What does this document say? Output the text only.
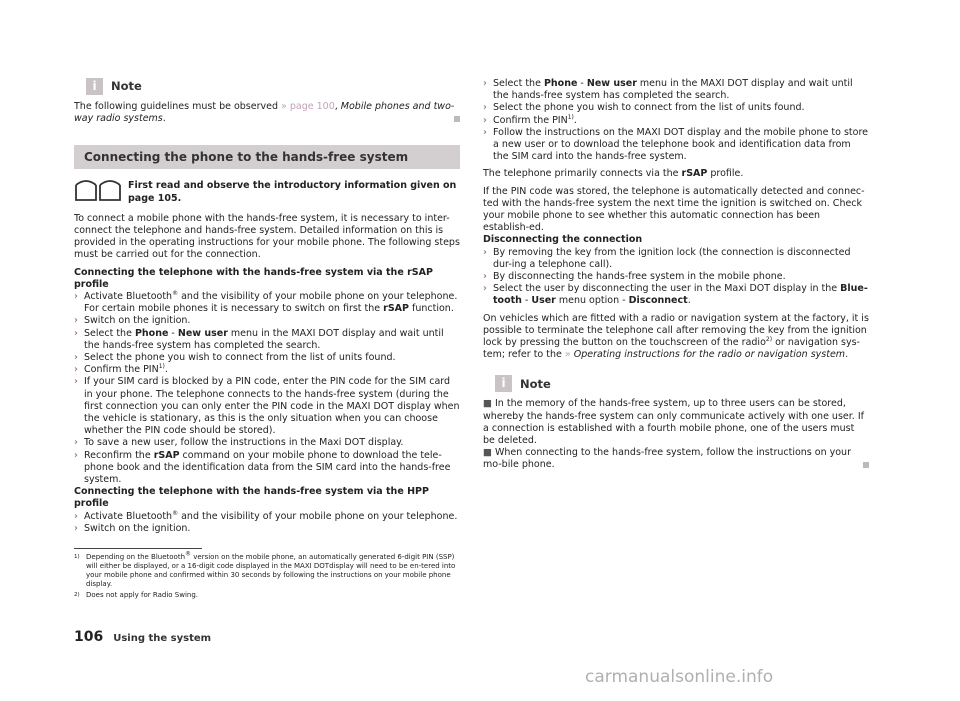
i	Note

The following guidelines must be observed » page 100, Mobile phones and two-way radio systems.

Connecting the phone to the hands-free system
First read and observe the introductory information given on page 105.

To connect a mobile phone with the hands-free system, it is necessary to inter-connect the telephone and hands-free system. Detailed information on this is provided in the operating instructions for your mobile phone. The following steps must be carried out for the connection.

Connecting the telephone with the hands-free system via the rSAP profile

› Activate Bluetooth® and the visibility of your mobile phone on your telephone. For certain mobile phones it is necessary to switch on first the rSAP function.
› Switch on the ignition.
› Select the Phone - New user menu in the MAXI DOT display and wait until the hands-free system has completed the search.
› Select the phone you wish to connect from the list of units found.
› Confirm the PIN$^{1)}$.
› If your SIM card is blocked by a PIN code, enter the PIN code for the SIM card in your phone. The telephone connects to the hands-free system (during the first connection you can only enter the PIN code in the MAXI DOT display when the vehicle is stationary, as this is the only situation when you can choose whether the PIN code should be stored).
› To save a new user, follow the instructions in the Maxi DOT display.
› Reconfirm the rSAP command on your mobile phone to download the tele-phone book and the identification data from the SIM card into the hands-free system.

Connecting the telephone with the hands-free system via the HPP profile

› Activate Bluetooth® and the visibility of your mobile phone on your telephone.
› Switch on the ignition.
› Select the Phone - New user menu in the MAXI DOT display and wait until the hands-free system has completed the search.
› Select the phone you wish to connect from the list of units found.
› Confirm the PIN$^{1)}$.
› Follow the instructions on the MAXI DOT display and the mobile phone to store a new user or to download the telephone book and identification data from the SIM card into the hands-free system.

The telephone primarily connects via the rSAP profile.

If the PIN code was stored, the telephone is automatically detected and connec-ted with the hands-free system the next time the ignition is switched on. Check your mobile phone to see whether this automatic connection has been establish-ed.

Disconnecting the connection

› By removing the key from the ignition lock (the connection is disconnected dur-ing a telephone call).
› By disconnecting the hands-free system in the mobile phone.
› Select the user by disconnecting the user in the Maxi DOT display in the Blue-tooth - User menu option - Disconnect.

On vehicles which are fitted with a radio or navigation system at the factory, it is possible to terminate the telephone call after removing the key from the ignition lock by pressing the button on the touchscreen of the radio$^{2)}$ or navigation sys-tem; refer to the » Operating instructions for the radio or navigation system.

i	Note

■ In the memory of the hands-free system, up to three users can be stored, whereby the hands-free system can only communicate actively with one user. If a connection is established with a fourth mobile phone, one of the users must be deleted.

■ When connecting to the hands-free system, follow the instructions on your mo-bile phone.

1) Depending on the Bluetooth® version on the mobile phone, an automatically generated 6-digit PIN (SSP) will either be displayed, or a 16-digit code displayed in the MAXI DOTdisplay will need to be en-tered into your mobile phone and confirmed within 30 seconds by following the instructions on your mobile phone display.
2) Does not apply for Radio Swing.
106 Using the system
carmanualsonline.info
